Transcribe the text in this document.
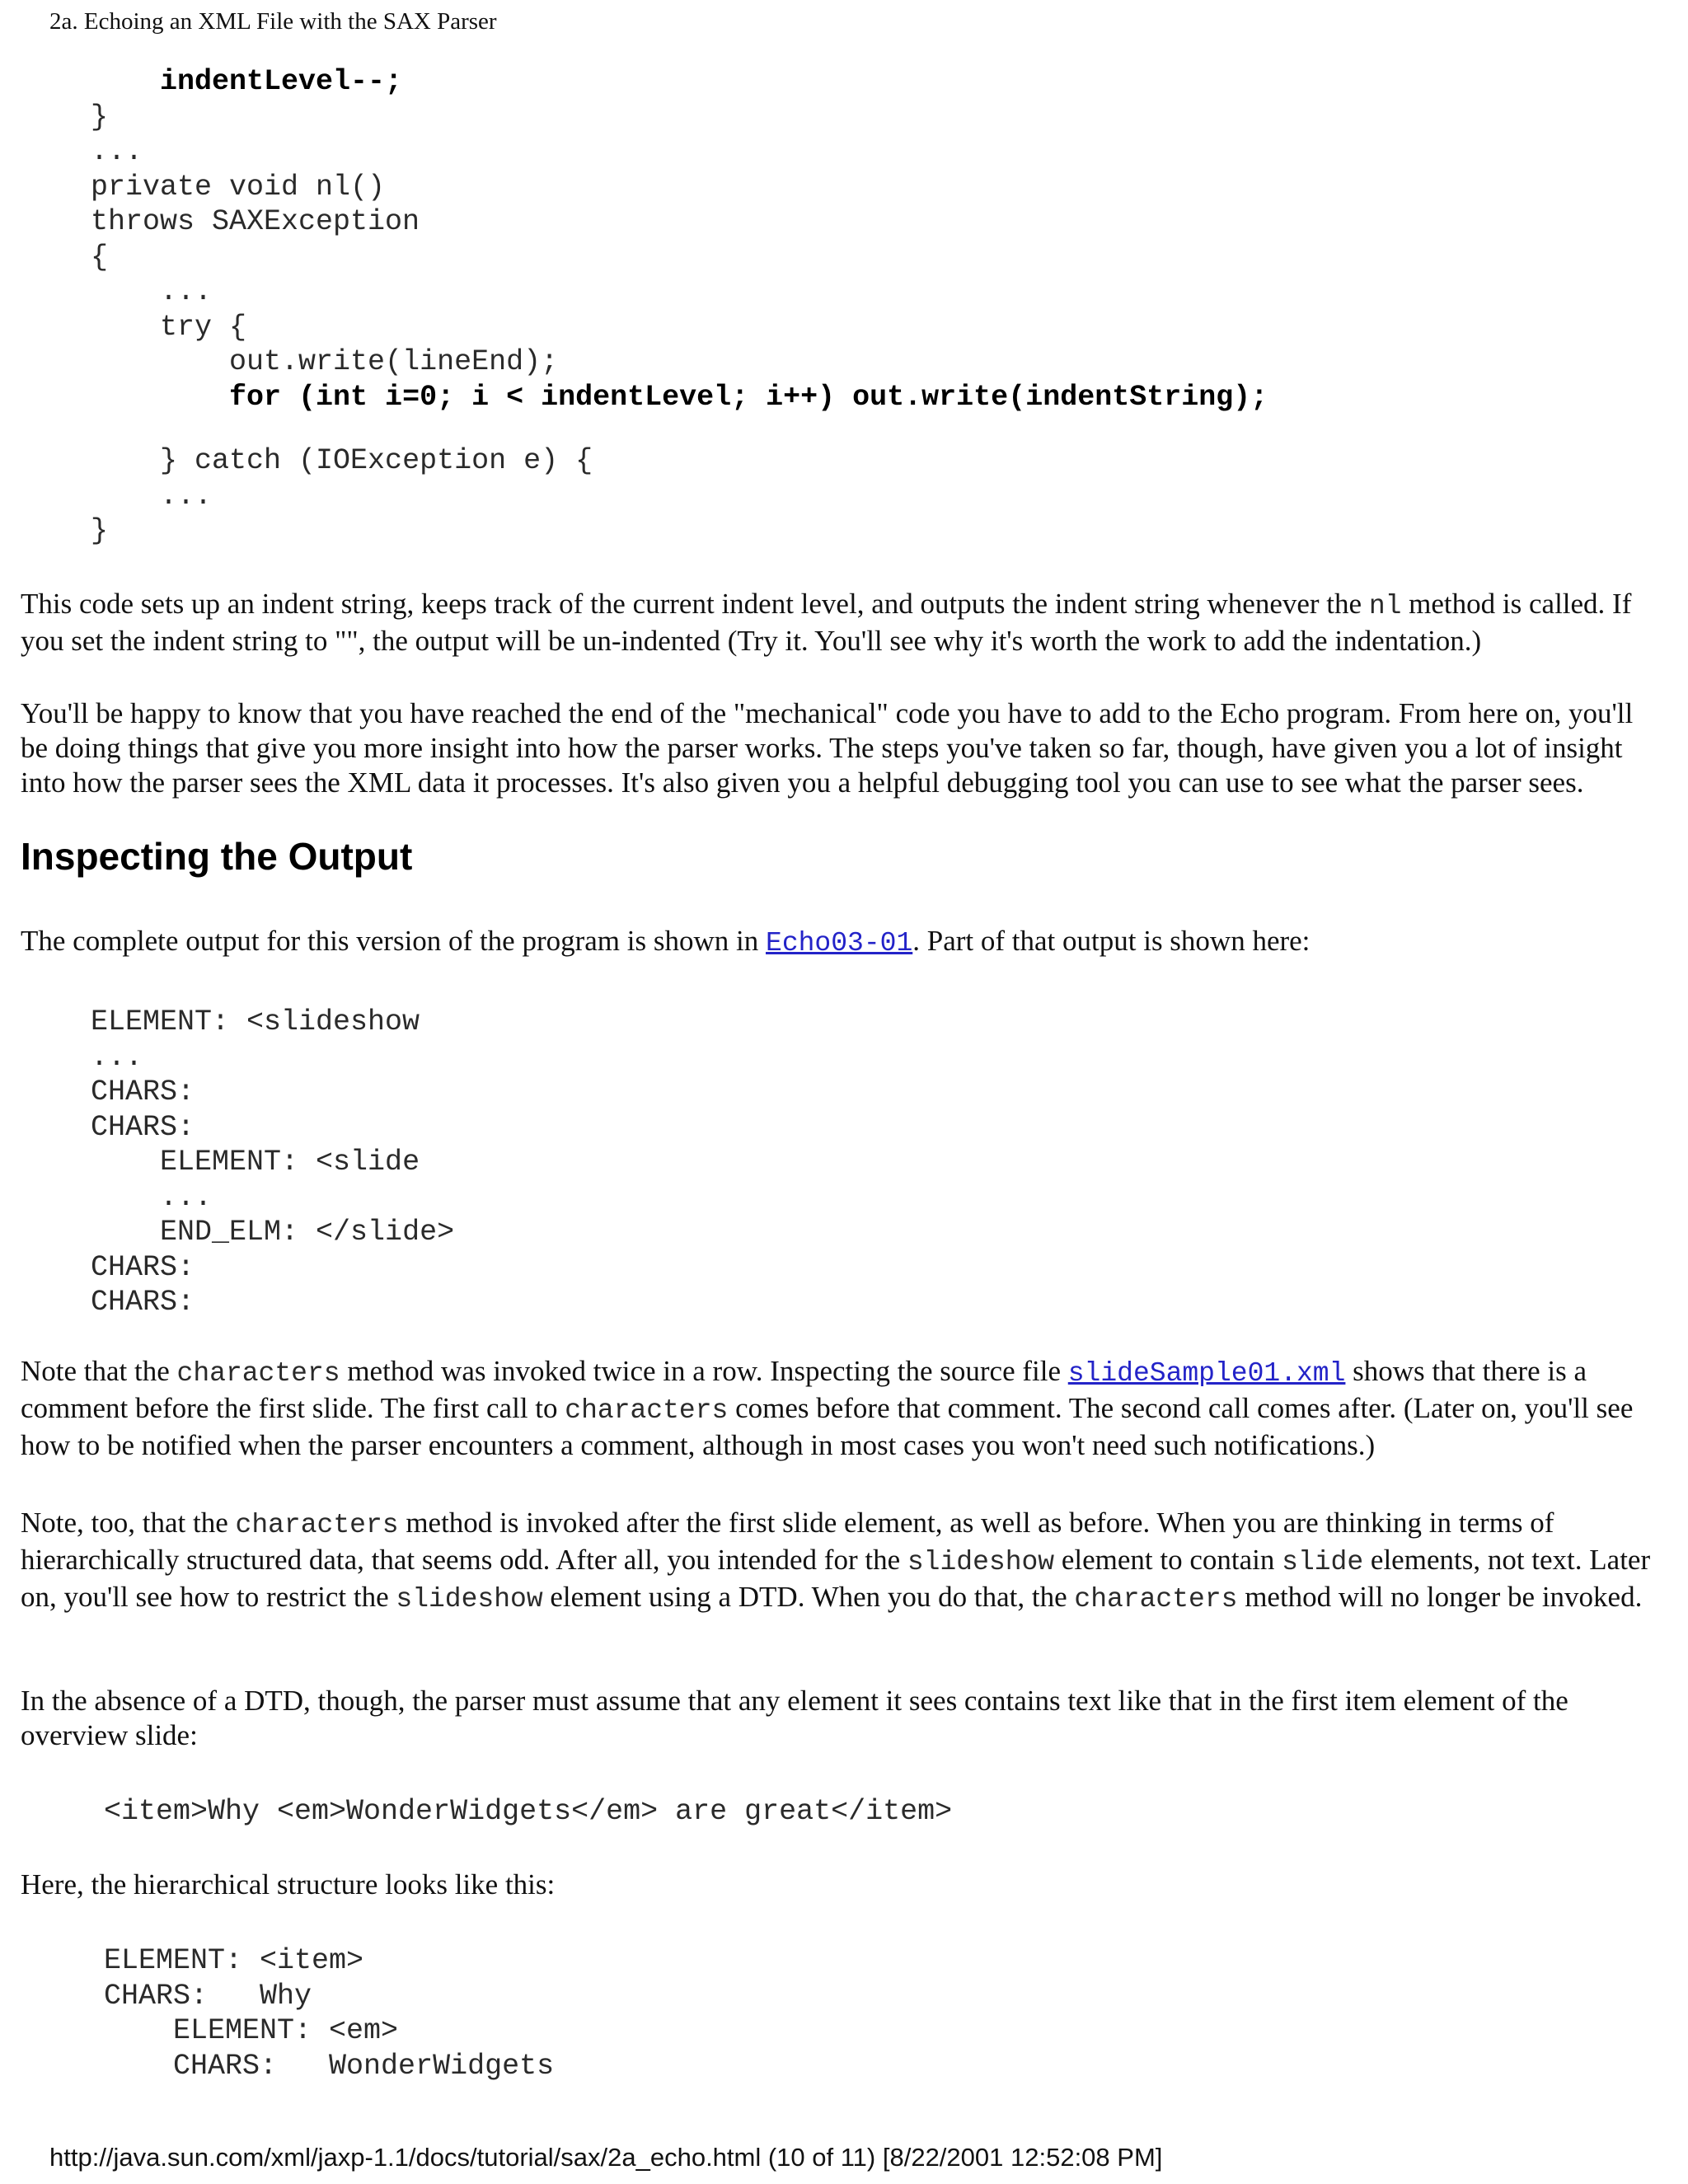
2a. Echoing an XML File with the SAX Parser
indentLevel--;
}
...
private void nl()
throws SAXException
{
...
try {
out.write(lineEnd);
for (int i=0; i < indentLevel; i++) out.write(indentString);

} catch (IOException e) {
...
}

This code sets up an indent string, keeps track of the current indent level, and outputs the indent string whenever the nl method is called. If you set the indent string to "", the output will be un-indented (Try it. You'll see why it's worth the work to add the indentation.)

You'll be happy to know that you have reached the end of the "mechanical" code you have to add to the Echo program. From here on, you'll be doing things that give you more insight into how the parser works. The steps you've taken so far, though, have given you a lot of insight into how the parser sees the XML data it processes. It's also given you a helpful debugging tool you can use to see what the parser sees.

Inspecting the Output

The complete output for this version of the program is shown in Echo03-01. Part of that output is shown here:

ELEMENT: <slideshow
...
CHARS:
CHARS:
ELEMENT: <slide
...
END_ELM: </slide>
CHARS:
CHARS:

Note that the characters method was invoked twice in a row. Inspecting the source file slideSample01.xml shows that there is a comment before the first slide. The first call to characters comes before that comment. The second call comes after. (Later on, you'll see how to be notified when the parser encounters a comment, although in most cases you won't need such notifications.)

Note, too, that the characters method is invoked after the first slide element, as well as before. When you are thinking in terms of hierarchically structured data, that seems odd. After all, you intended for the slideshow element to contain slide elements, not text. Later on, you'll see how to restrict the slideshow element using a DTD. When you do that, the characters method will no longer be invoked.

In the absence of a DTD, though, the parser must assume that any element it sees contains text like that in the first item element of the overview slide:

<item>Why <em>WonderWidgets</em> are great</item>

Here, the hierarchical structure looks like this:

ELEMENT: <item>
CHARS:   Why
ELEMENT: <em>
CHARS:   WonderWidgets

http://java.sun.com/xml/jaxp-1.1/docs/tutorial/sax/2a_echo.html (10 of 11) [8/22/2001 12:52:08 PM]
